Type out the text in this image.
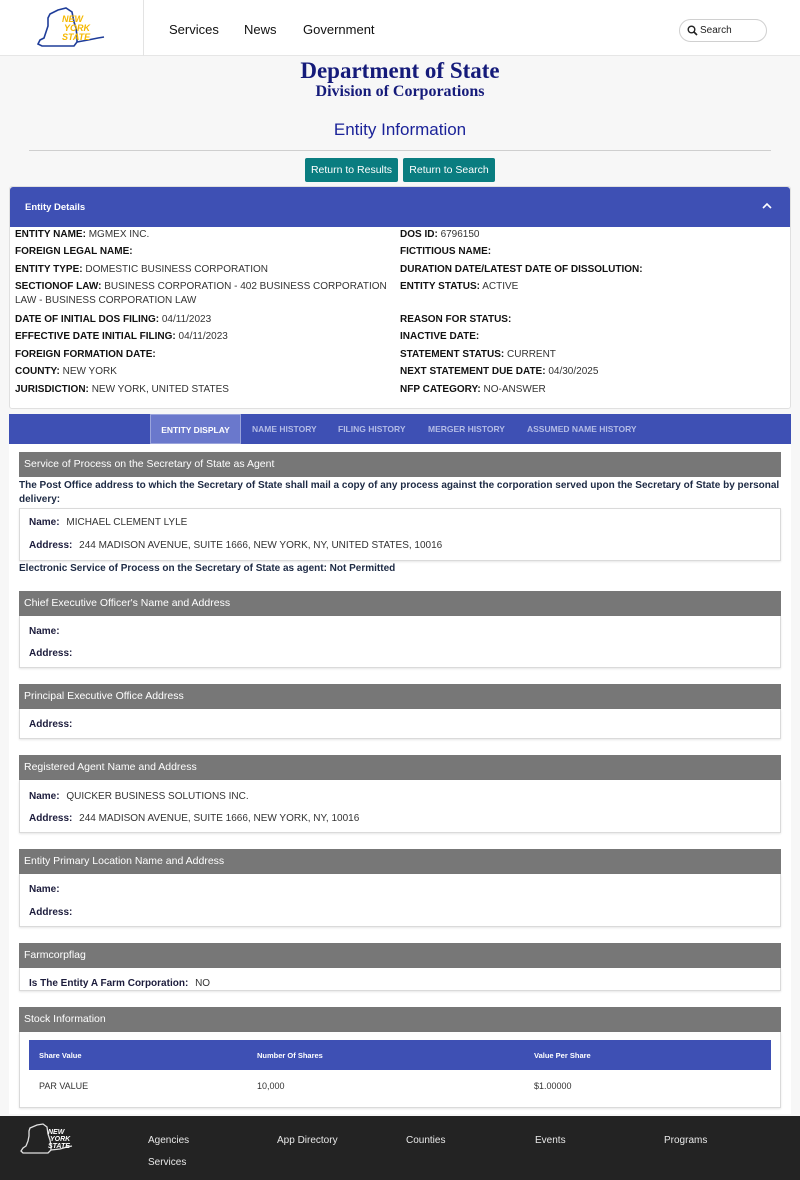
NEW
YORK
STATE	Services News Government	Search
Department of State
Division of Corporations
Entity Information
Return to Results	Return to Search
Entity Details
ENTITY NAME: MGMEX INC.
FOREIGN LEGAL NAME:
ENTITY TYPE: DOMESTIC BUSINESS CORPORATION
SECTIONOF LAW: BUSINESS CORPORATION - 402 BUSINESS CORPORATION LAW - BUSINESS CORPORATION LAW
DATE OF INITIAL DOS FILING: 04/11/2023
EFFECTIVE DATE INITIAL FILING: 04/11/2023
FOREIGN FORMATION DATE:
COUNTY: NEW YORK
JURISDICTION: NEW YORK, UNITED STATES
DOS ID: 6796150
FICTITIOUS NAME:
DURATION DATE/LATEST DATE OF DISSOLUTION:
ENTITY STATUS: ACTIVE
REASON FOR STATUS:
INACTIVE DATE:
STATEMENT STATUS: CURRENT
NEXT STATEMENT DUE DATE: 04/30/2025
NFP CATEGORY: NO-ANSWER
ENTITY DISPLAY	NAME HISTORY	FILING HISTORY	MERGER HISTORY	ASSUMED NAME HISTORY
Service of Process on the Secretary of State as Agent
The Post Office address to which the Secretary of State shall mail a copy of any process against the corporation served upon the Secretary of State by personal delivery:
Name: MICHAEL CLEMENT LYLE
Address: 244 MADISON AVENUE, SUITE 1666, NEW YORK, NY, UNITED STATES, 10016
Electronic Service of Process on the Secretary of State as agent: Not Permitted
Chief Executive Officer's Name and Address
Name:
Address:
Principal Executive Office Address
Address:
Registered Agent Name and Address
Name: QUICKER BUSINESS SOLUTIONS INC.
Address: 244 MADISON AVENUE, SUITE 1666, NEW YORK, NY, 10016
Entity Primary Location Name and Address
Name:
Address:
Farmcorpflag
Is The Entity A Farm Corporation: NO
Stock Information
Share Value	Number Of Shares	Value Per Share
PAR VALUE	10,000	$1.00000
NEW
YORK
STATE
Agencies	App Directory	Counties	Events	Programs
Services
